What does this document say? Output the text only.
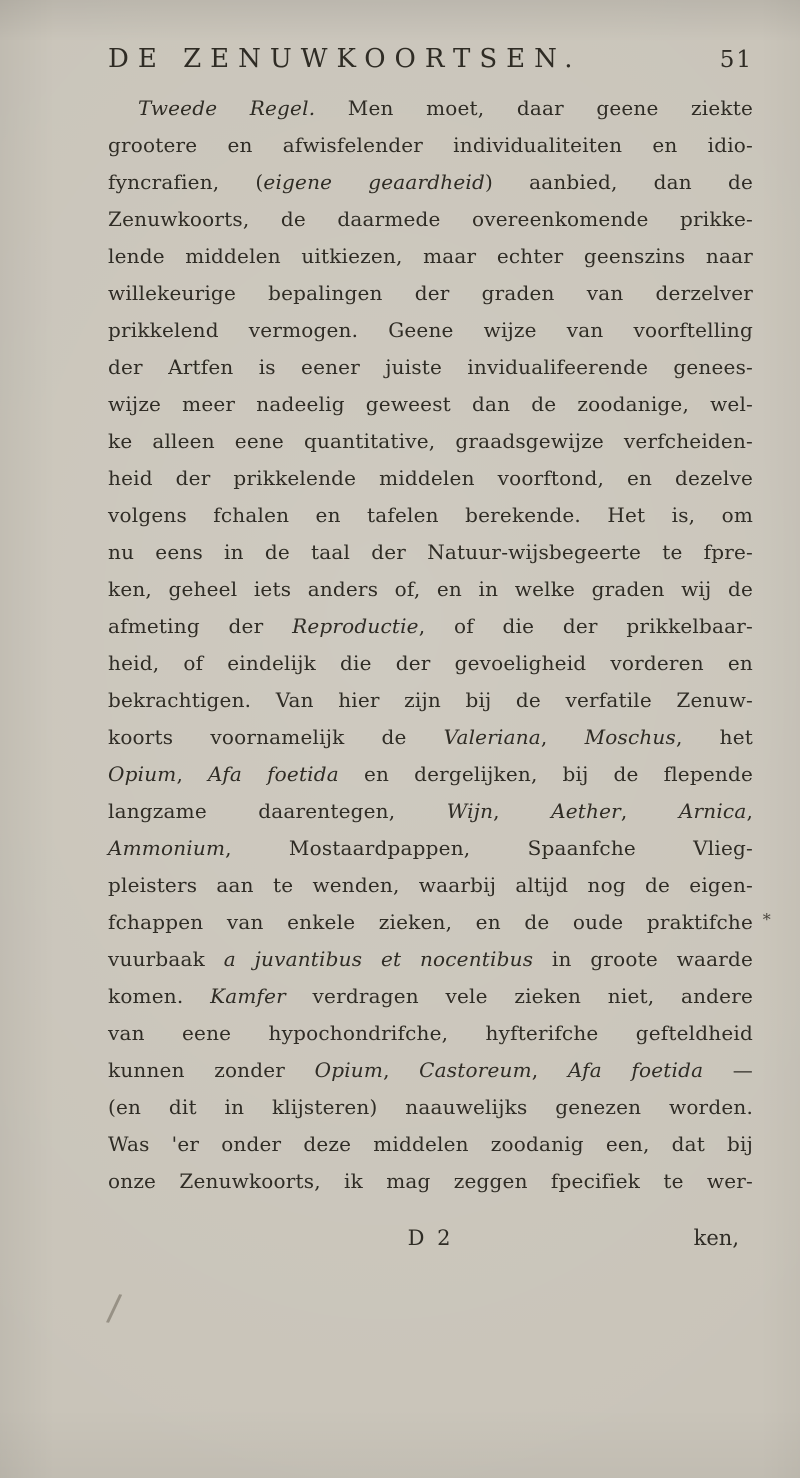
DE ZENUWKOORTSEN.	51
Tweede Regel. Men moet, daar geene ziekte
grootere en afwisfelender individualiteiten en idio-
fyncrafien, (eigene geaardheid) aanbied, dan de
Zenuwkoorts, de daarmede overeenkomende prikke-
lende middelen uitkiezen, maar echter geenszins naar
willekeurige bepalingen der graden van derzelver
prikkelend vermogen. Geene wijze van voorftelling
der Artfen is eener juiste invidualifeerende genees-
wijze meer nadeelig geweest dan de zoodanige, wel-
ke alleen eene quantitative, graadsgewijze verfcheiden-
heid der prikkelende middelen voorftond, en dezelve
volgens fchalen en tafelen berekende. Het is, om
nu eens in de taal der Natuur-wijsbegeerte te fpre-
ken, geheel iets anders of, en in welke graden wij de
afmeting der Reproductie, of die der prikkelbaar-
heid, of eindelijk die der gevoeligheid vorderen en
bekrachtigen. Van hier zijn bij de verfatile Zenuw-
koorts voornamelijk de Valeriana, Moschus, het
Opium, Afa foetida en dergelijken, bij de flepende
langzame daarentegen, Wijn, Aether, Arnica,
Ammonium, Mostaardpappen, Spaanfche Vlieg-
pleisters aan te wenden, waarbij altijd nog de eigen-
fchappen van enkele zieken, en de oude praktifche *
vuurbaak a juvantibus et nocentibus in groote waarde
komen. Kamfer verdragen vele zieken niet, andere
van eene hypochondrifche, hyfterifche gefteldheid
kunnen zonder Opium, Castoreum, Afa foetida —
(en dit in klijsteren) naauwelijks genezen worden.
Was 'er onder deze middelen zoodanig een, dat bij
onze Zenuwkoorts, ik mag zeggen fpecifiek te wer-
D 2	ken,
/
